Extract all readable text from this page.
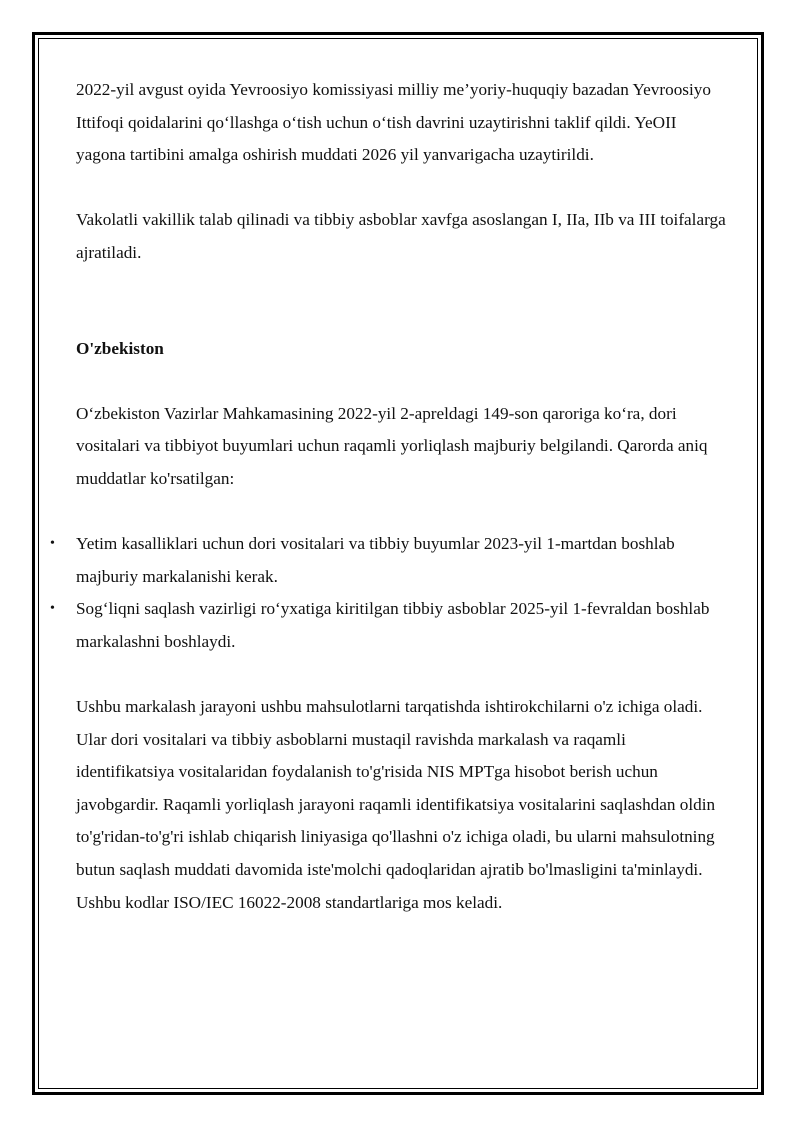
2022-yil avgust oyida Yevroosiyo komissiyasi milliy me’yoriy-huquqiy bazadan Yevroosiyo Ittifoqi qoidalarini qo‘llashga o‘tish uchun o‘tish davrini uzaytirishni taklif qildi. YeOII yagona tartibini amalga oshirish muddati 2026 yil yanvarigacha uzaytirildi.

Vakolatli vakillik talab qilinadi va tibbiy asboblar xavfga asoslangan I, IIa, IIb va III toifalarga ajratiladi.

O'zbekiston

O‘zbekiston Vazirlar Mahkamasining 2022-yil 2-apreldagi 149-son qaroriga ko‘ra, dori vositalari va tibbiyot buyumlari uchun raqamli yorliqlash majburiy belgilandi. Qarorda aniq muddatlar ko'rsatilgan:

• Yetim kasalliklari uchun dori vositalari va tibbiy buyumlar 2023-yil 1-martdan boshlab majburiy markalanishi kerak.
• Sog‘liqni saqlash vazirligi ro‘yxatiga kiritilgan tibbiy asboblar 2025-yil 1-fevraldan boshlab markalashni boshlaydi.

Ushbu markalash jarayoni ushbu mahsulotlarni tarqatishda ishtirokchilarni o'z ichiga oladi. Ular dori vositalari va tibbiy asboblarni mustaqil ravishda markalash va raqamli identifikatsiya vositalaridan foydalanish to'g'risida NIS MPTga hisobot berish uchun javobgardir. Raqamli yorliqlash jarayoni raqamli identifikatsiya vositalarini saqlashdan oldin to'g'ridan-to'g'ri ishlab chiqarish liniyasiga qo'llashni o'z ichiga oladi, bu ularni mahsulotning butun saqlash muddati davomida iste'molchi qadoqlaridan ajratib bo'lmasligini ta'minlaydi. Ushbu kodlar ISO/IEC 16022-2008 standartlariga mos keladi.
